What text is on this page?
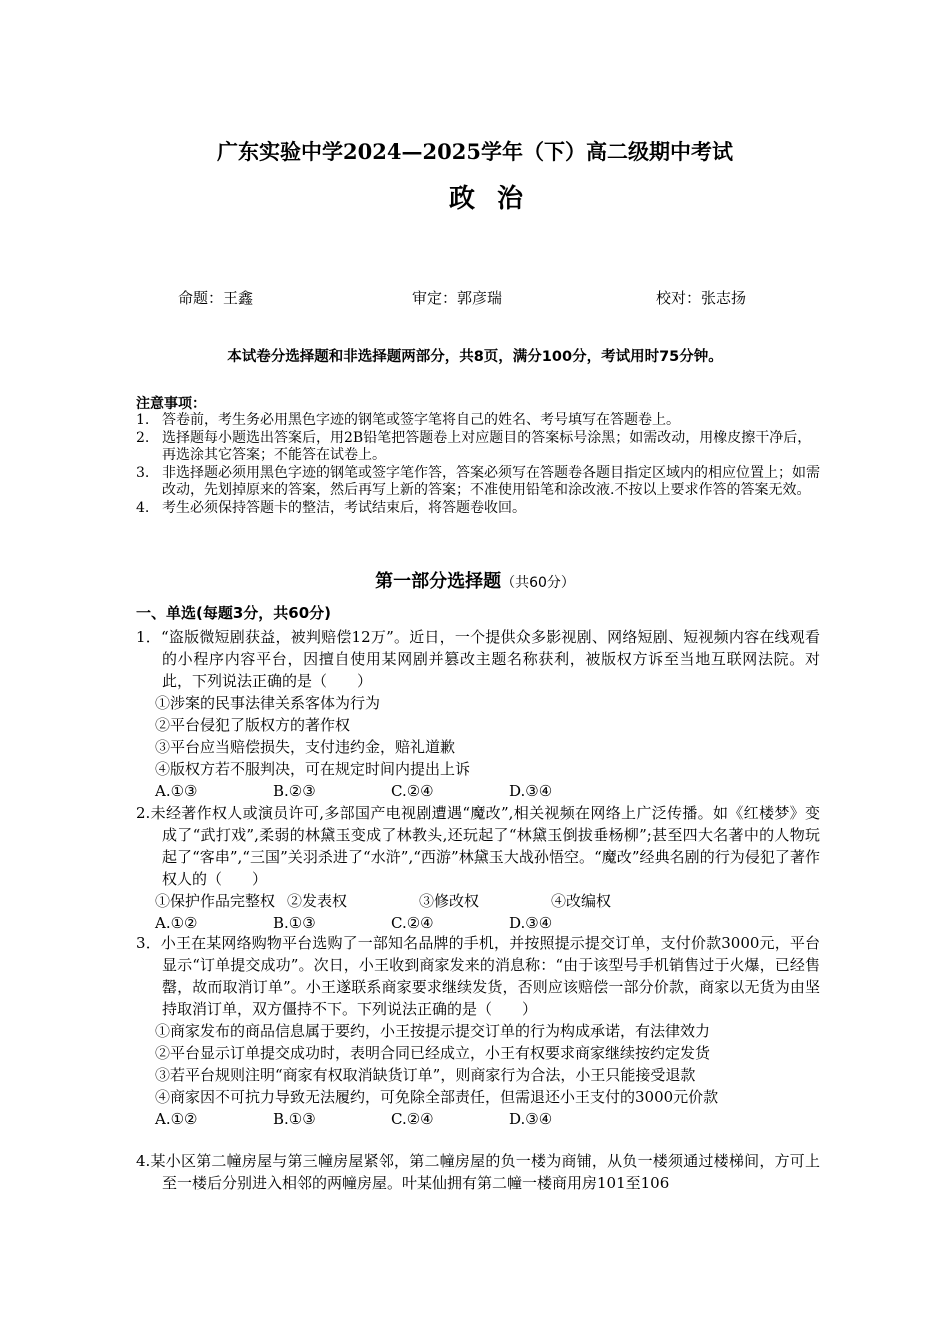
广东实验中学2024—2025学年（下）高二级期中考试
政治
命题：王鑫	审定：郭彦瑞	校对：张志扬
本试卷分选择题和非选择题两部分，共8页，满分100分，考试用时75分钟。
注意事项：
1. 答卷前，考生务必用黑色字迹的钢笔或签字笔将自己的姓名、考号填写在答题卷上。
2. 选择题每小题选出答案后，用2B铅笔把答题卷上对应题目的答案标号涂黑；如需改动，用橡皮擦干净后，再选涂其它答案；不能答在试卷上。
3. 非选择题必须用黑色字迹的钢笔或签字笔作答，答案必须写在答题卷各题目指定区域内的相应位置上；如需改动，先划掉原来的答案，然后再写上新的答案；不准使用铅笔和涂改液.不按以上要求作答的答案无效。
4. 考生必须保持答题卡的整洁，考试结束后，将答题卷收回。
第一部分选择题（共60分）
一、单选(每题3分，共60分)
1．“盗版微短剧获益，被判赔偿12万”。近日，一个提供众多影视剧、网络短剧、短视频内容在线观看的小程序内容平台，因擅自使用某网剧并篡改主题名称获利，被版权方诉至当地互联网法院。对此，下列说法正确的是（　　）
①涉案的民事法律关系客体为行为
②平台侵犯了版权方的著作权
③平台应当赔偿损失，支付违约金，赔礼道歉
④版权方若不服判决，可在规定时间内提出上诉
A.①③	B.②③	C.②④	D.③④
2.未经著作权人或演员许可,多部国产电视剧遭遇“魔改”,相关视频在网络上广泛传播。如《红楼梦》变成了“武打戏”,柔弱的林黛玉变成了林教头,还玩起了“林黛玉倒拔垂杨柳”;甚至四大名著中的人物玩起了“客串”,“三国”关羽杀进了“水浒”,“西游”林黛玉大战孙悟空。“魔改”经典名剧的行为侵犯了著作权人的（　　）
①保护作品完整权 ②发表权	③修改权	④改编权
A.①②	B.①③	C.②④	D.③④
3．小王在某网络购物平台选购了一部知名品牌的手机，并按照提示提交订单，支付价款3000元，平台显示“订单提交成功”。次日，小王收到商家发来的消息称：“由于该型号手机销售过于火爆，已经售罄，故而取消订单”。小王遂联系商家要求继续发货，否则应该赔偿一部分价款，商家以无货为由坚持取消订单，双方僵持不下。下列说法正确的是（　　）
①商家发布的商品信息属于要约，小王按提示提交订单的行为构成承诺，有法律效力
②平台显示订单提交成功时，表明合同已经成立，小王有权要求商家继续按约定发货
③若平台规则注明“商家有权取消缺货订单”，则商家行为合法，小王只能接受退款
④商家因不可抗力导致无法履约，可免除全部责任，但需退还小王支付的3000元价款
A.①②	B.①③	C.②④	D.③④
4.某小区第二幢房屋与第三幢房屋紧邻，第二幢房屋的负一楼为商铺，从负一楼须通过楼梯间，方可上至一楼后分别进入相邻的两幢房屋。叶某仙拥有第二幢一楼商用房101至106
